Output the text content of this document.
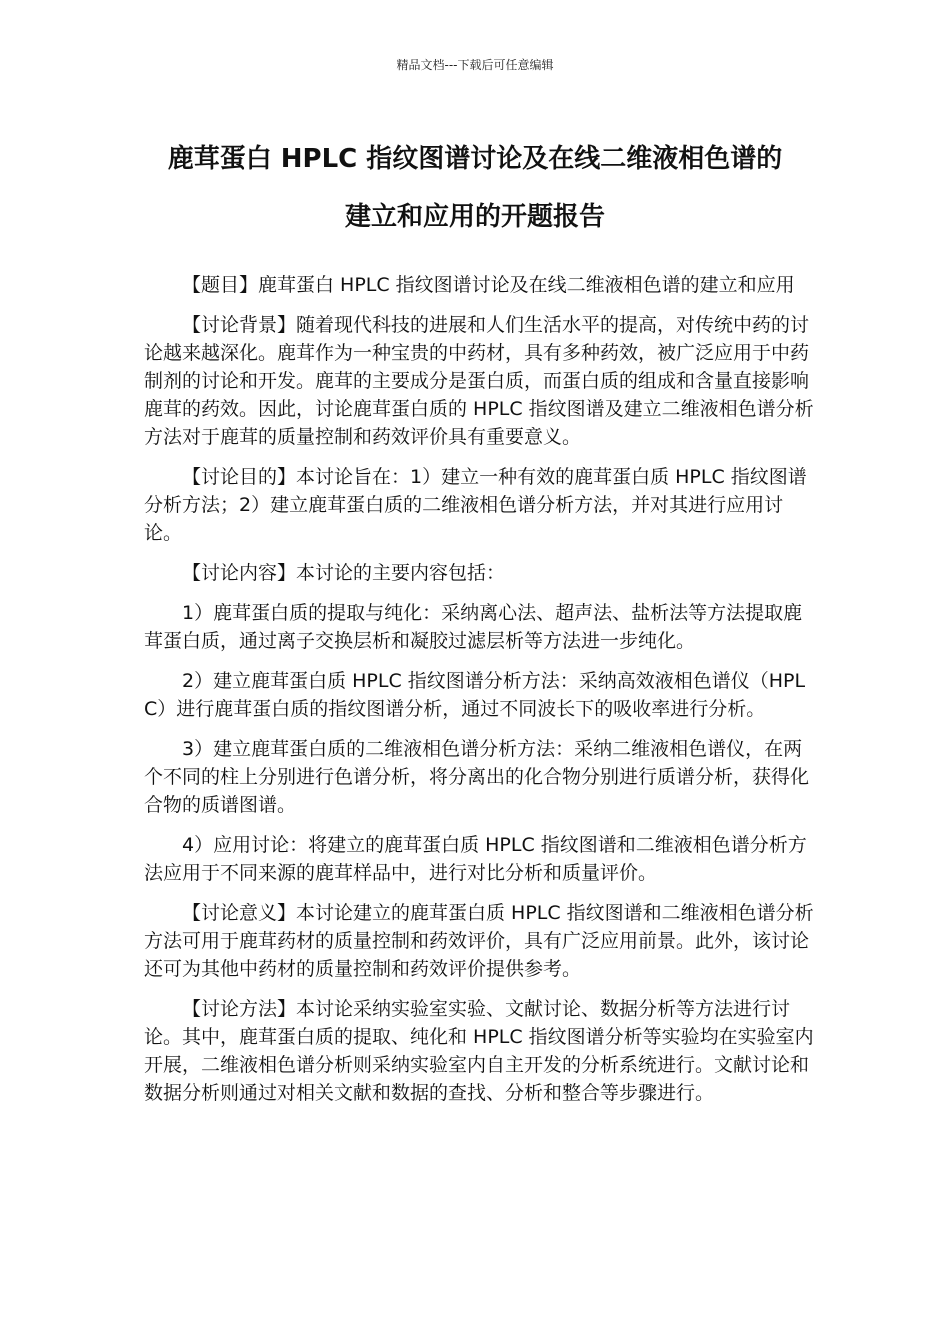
精品文档---下载后可任意编辑
鹿茸蛋白 HPLC 指纹图谱讨论及在线二维液相色谱的
建立和应用的开题报告

【题目】鹿茸蛋白 HPLC 指纹图谱讨论及在线二维液相色谱的建立和应用

【讨论背景】随着现代科技的进展和人们生活水平的提高，对传统中药的讨论越来越深化。鹿茸作为一种宝贵的中药材，具有多种药效，被广泛应用于中药制剂的讨论和开发。鹿茸的主要成分是蛋白质，而蛋白质的组成和含量直接影响鹿茸的药效。因此，讨论鹿茸蛋白质的 HPLC 指纹图谱及建立二维液相色谱分析方法对于鹿茸的质量控制和药效评价具有重要意义。

【讨论目的】本讨论旨在：1）建立一种有效的鹿茸蛋白质 HPLC 指纹图谱分析方法；2）建立鹿茸蛋白质的二维液相色谱分析方法，并对其进行应用讨论。

【讨论内容】本讨论的主要内容包括：

1）鹿茸蛋白质的提取与纯化：采纳离心法、超声法、盐析法等方法提取鹿茸蛋白质，通过离子交换层析和凝胶过滤层析等方法进一步纯化。

2）建立鹿茸蛋白质 HPLC 指纹图谱分析方法：采纳高效液相色谱仪（HPLC）进行鹿茸蛋白质的指纹图谱分析，通过不同波长下的吸收率进行分析。

3）建立鹿茸蛋白质的二维液相色谱分析方法：采纳二维液相色谱仪，在两个不同的柱上分别进行色谱分析，将分离出的化合物分别进行质谱分析，获得化合物的质谱图谱。

4）应用讨论：将建立的鹿茸蛋白质 HPLC 指纹图谱和二维液相色谱分析方法应用于不同来源的鹿茸样品中，进行对比分析和质量评价。

【讨论意义】本讨论建立的鹿茸蛋白质 HPLC 指纹图谱和二维液相色谱分析方法可用于鹿茸药材的质量控制和药效评价，具有广泛应用前景。此外，该讨论还可为其他中药材的质量控制和药效评价提供参考。

【讨论方法】本讨论采纳实验室实验、文献讨论、数据分析等方法进行讨论。其中，鹿茸蛋白质的提取、纯化和 HPLC 指纹图谱分析等实验均在实验室内开展，二维液相色谱分析则采纳实验室内自主开发的分析系统进行。文献讨论和数据分析则通过对相关文献和数据的查找、分析和整合等步骤进行。
